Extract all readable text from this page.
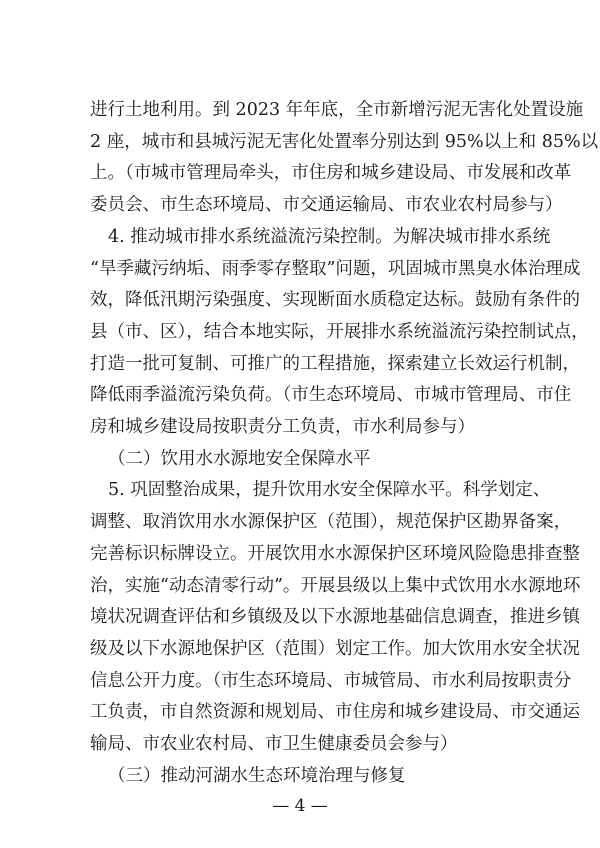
进行土地利用。到 2023 年年底，全市新增污泥无害化处置设施
2 座，城市和县城污泥无害化处置率分别达到 95%以上和 85%以
上。（市城市管理局牵头，市住房和城乡建设局、市发展和改革
委员会、市生态环境局、市交通运输局、市农业农村局参与）
4. 推动城市排水系统溢流污染控制。为解决城市排水系统
“旱季藏污纳垢、雨季零存整取”问题，巩固城市黑臭水体治理成
效，降低汛期污染强度、实现断面水质稳定达标。鼓励有条件的
县（市、区），结合本地实际，开展排水系统溢流污染控制试点，
打造一批可复制、可推广的工程措施，探索建立长效运行机制，
降低雨季溢流污染负荷。（市生态环境局、市城市管理局、市住
房和城乡建设局按职责分工负责，市水利局参与）
（二）饮用水水源地安全保障水平
5. 巩固整治成果，提升饮用水安全保障水平。科学划定、
调整、取消饮用水水源保护区（范围），规范保护区勘界备案，
完善标识标牌设立。开展饮用水水源保护区环境风险隐患排查整
治，实施“动态清零行动”。开展县级以上集中式饮用水水源地环
境状况调查评估和乡镇级及以下水源地基础信息调查，推进乡镇
级及以下水源地保护区（范围）划定工作。加大饮用水安全状况
信息公开力度。（市生态环境局、市城管局、市水利局按职责分
工负责，市自然资源和规划局、市住房和城乡建设局、市交通运
输局、市农业农村局、市卫生健康委员会参与）
（三）推动河湖水生态环境治理与修复
— 4 —
